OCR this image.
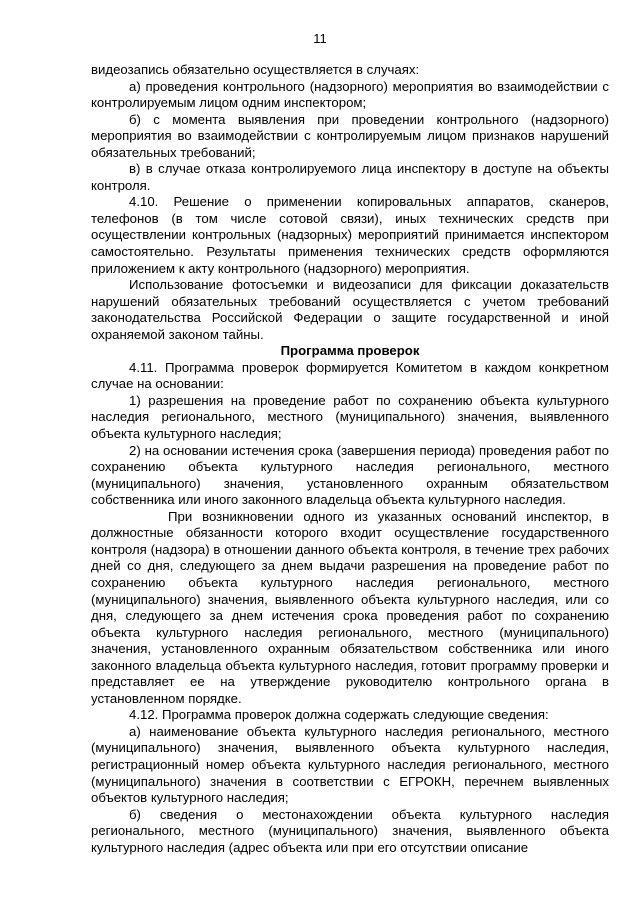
11

видеозапись обязательно осуществляется в случаях:

а) проведения контрольного (надзорного) мероприятия во взаимодействии с контролируемым лицом одним инспектором;

б) с момента выявления при проведении контрольного (надзорного) мероприятия во взаимодействии с контролируемым лицом признаков нарушений обязательных требований;

в) в случае отказа контролируемого лица инспектору в доступе на объекты контроля.

4.10. Решение о применении копировальных аппаратов, сканеров, телефонов (в том числе сотовой связи), иных технических средств при осуществлении контрольных (надзорных) мероприятий принимается инспектором самостоятельно. Результаты применения технических средств оформляются приложением к акту контрольного (надзорного) мероприятия.

Использование фотосъемки и видеозаписи для фиксации доказательств нарушений обязательных требований осуществляется с учетом требований законодательства Российской Федерации о защите государственной и иной охраняемой законом тайны.

Программа проверок

4.11. Программа проверок формируется Комитетом в каждом конкретном случае на основании:

1) разрешения на проведение работ по сохранению объекта культурного наследия регионального, местного (муниципального) значения, выявленного объекта культурного наследия;

2) на основании истечения срока (завершения периода) проведения работ по сохранению объекта культурного наследия регионального, местного (муниципального) значения, установленного охранным обязательством собственника или иного законного владельца объекта культурного наследия.

При возникновении одного из указанных оснований инспектор, в должностные обязанности которого входит осуществление государственного контроля (надзора) в отношении данного объекта контроля, в течение трех рабочих дней со дня, следующего за днем выдачи разрешения на проведение работ по сохранению объекта культурного наследия регионального, местного (муниципального) значения, выявленного объекта культурного наследия, или со дня, следующего за днем истечения срока проведения работ по сохранению объекта культурного наследия регионального, местного (муниципального) значения, установленного охранным обязательством собственника или иного законного владельца объекта культурного наследия, готовит программу проверки и представляет ее на утверждение руководителю контрольного органа в установленном порядке.

4.12. Программа проверок должна содержать следующие сведения:

а) наименование объекта культурного наследия регионального, местного (муниципального) значения, выявленного объекта культурного наследия, регистрационный номер объекта культурного наследия регионального, местного (муниципального) значения в соответствии с ЕГРОКН, перечнем выявленных объектов культурного наследия;

б) сведения о местонахождении объекта культурного наследия регионального, местного (муниципального) значения, выявленного объекта культурного наследия (адрес объекта или при его отсутствии описание
